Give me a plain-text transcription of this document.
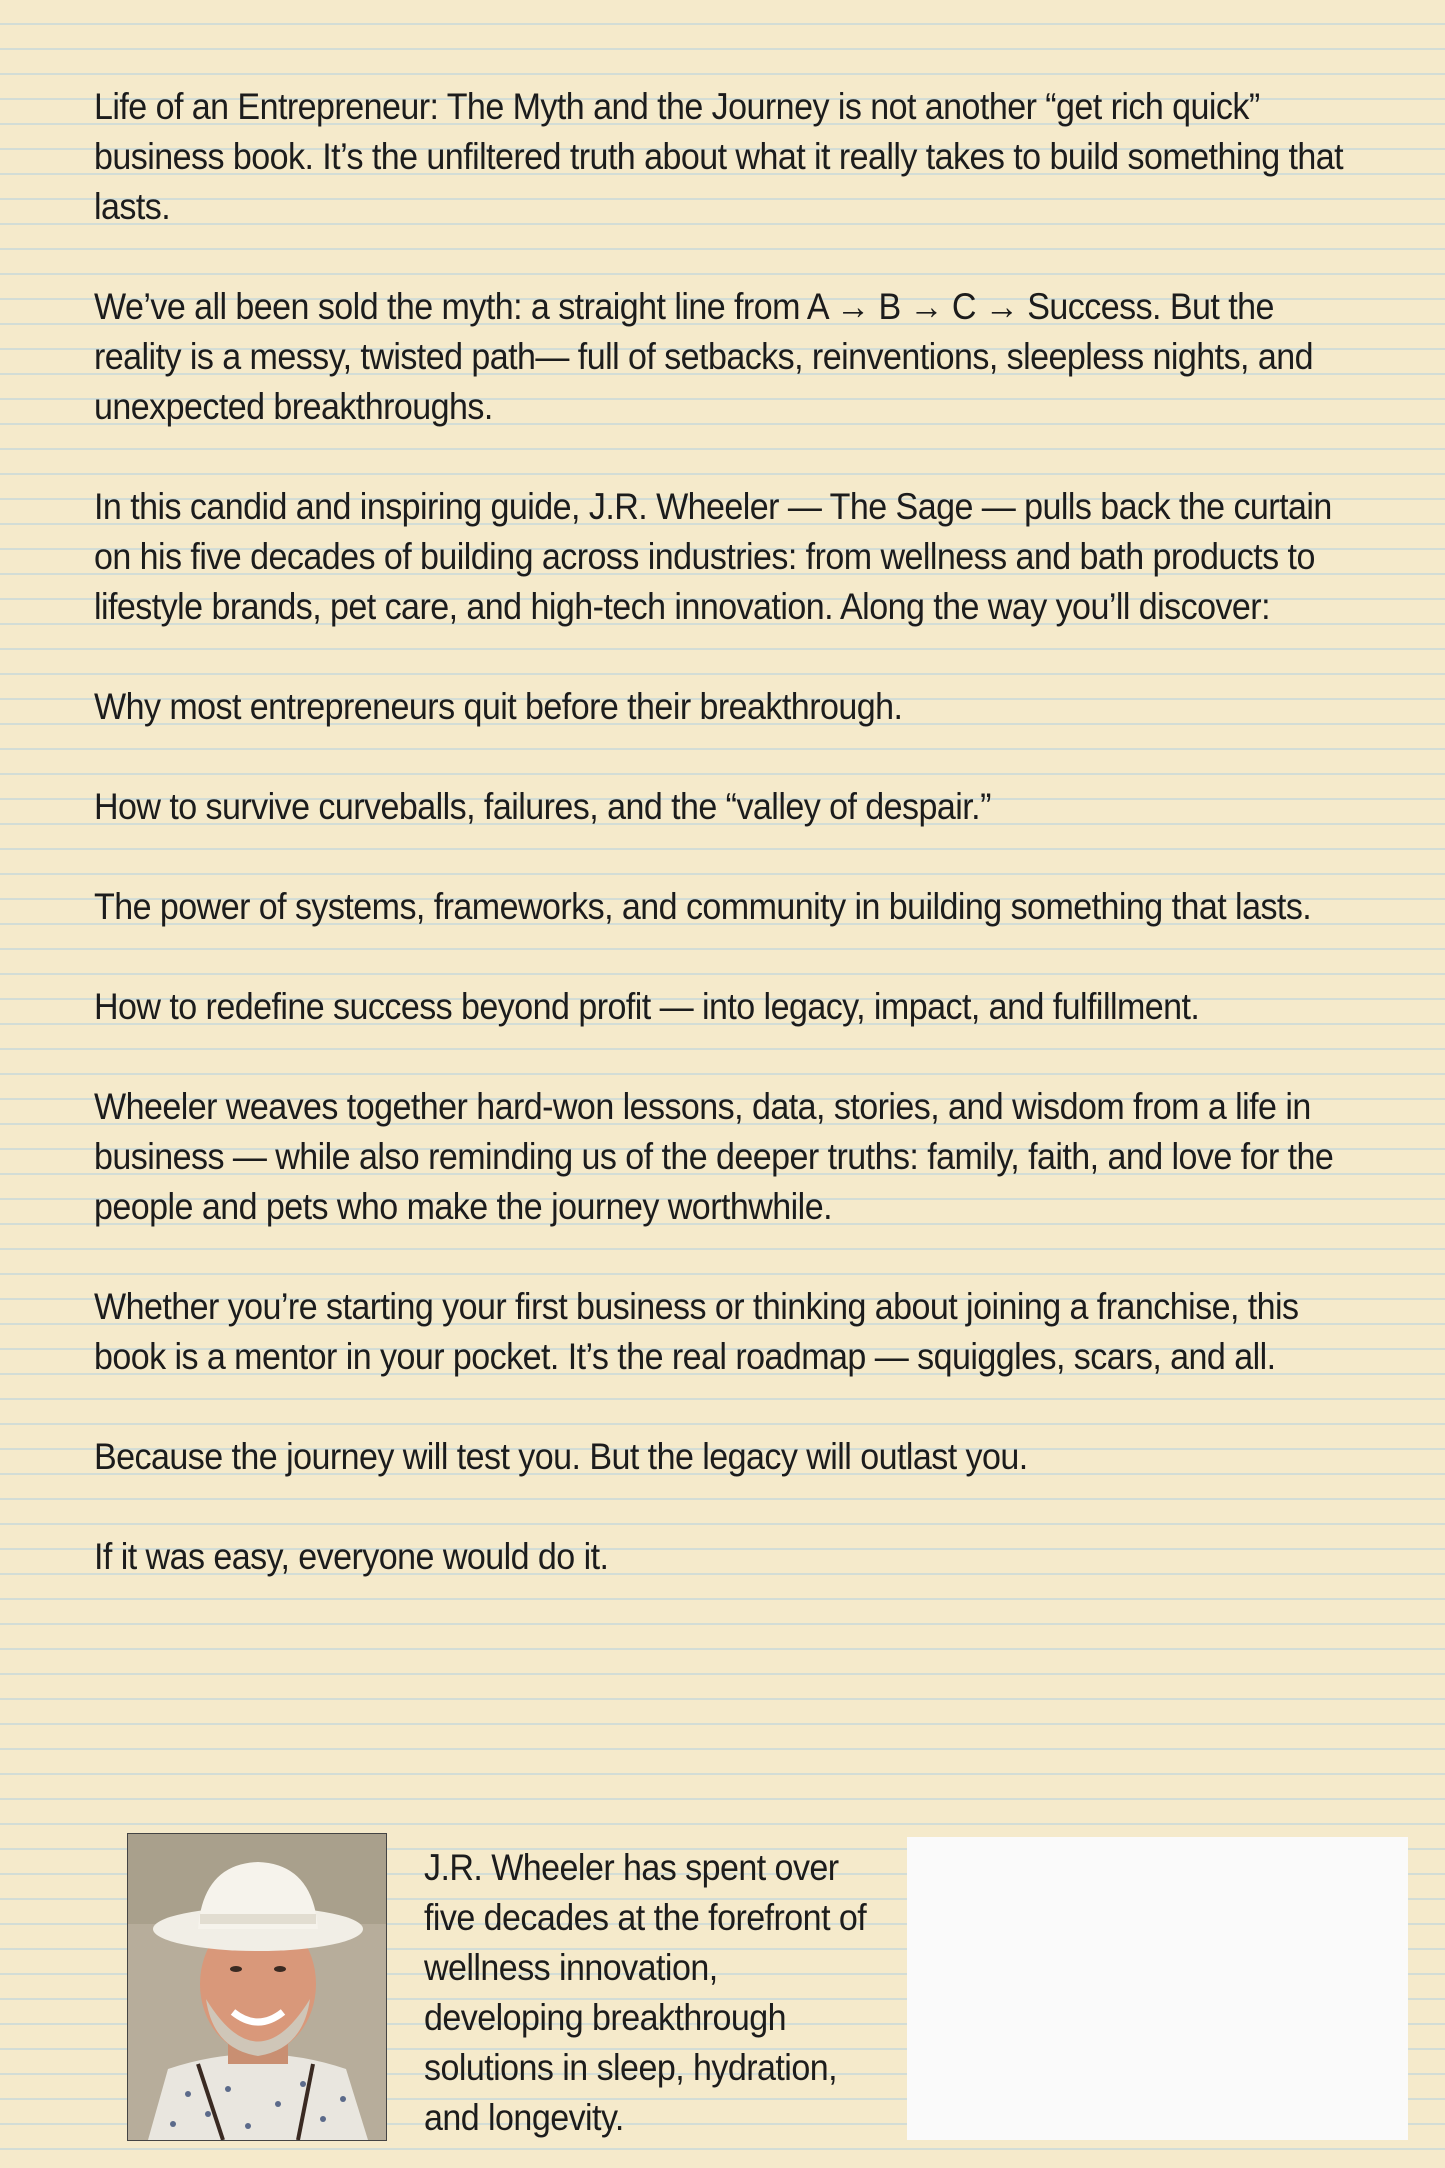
Life of an Entrepreneur: The Myth and the Journey is not another “get rich quick” business book. It’s the unfiltered truth about what it really takes to build something that lasts.

We’ve all been sold the myth: a straight line from A → B → C → Success. But the reality is a messy, twisted path— full of setbacks, reinventions, sleepless nights, and unexpected breakthroughs.

In this candid and inspiring guide, J.R. Wheeler — The Sage — pulls back the curtain on his five decades of building across industries: from wellness and bath products to lifestyle brands, pet care, and high-tech innovation. Along the way you’ll discover:

Why most entrepreneurs quit before their breakthrough.

How to survive curveballs, failures, and the “valley of despair.”

The power of systems, frameworks, and community in building something that lasts.

How to redefine success beyond profit — into legacy, impact, and fulfillment.

Wheeler weaves together hard-won lessons, data, stories, and wisdom from a life in business — while also reminding us of the deeper truths: family, faith, and love for the people and pets who make the journey worthwhile.

Whether you’re starting your first business or thinking about joining a franchise, this book is a mentor in your pocket. It’s the real roadmap — squiggles, scars, and all.

Because the journey will test you. But the legacy will outlast you.

If it was easy, everyone would do it.

J.R. Wheeler has spent over five decades at the forefront of wellness innovation, developing breakthrough solutions in sleep, hydration, and longevity.
